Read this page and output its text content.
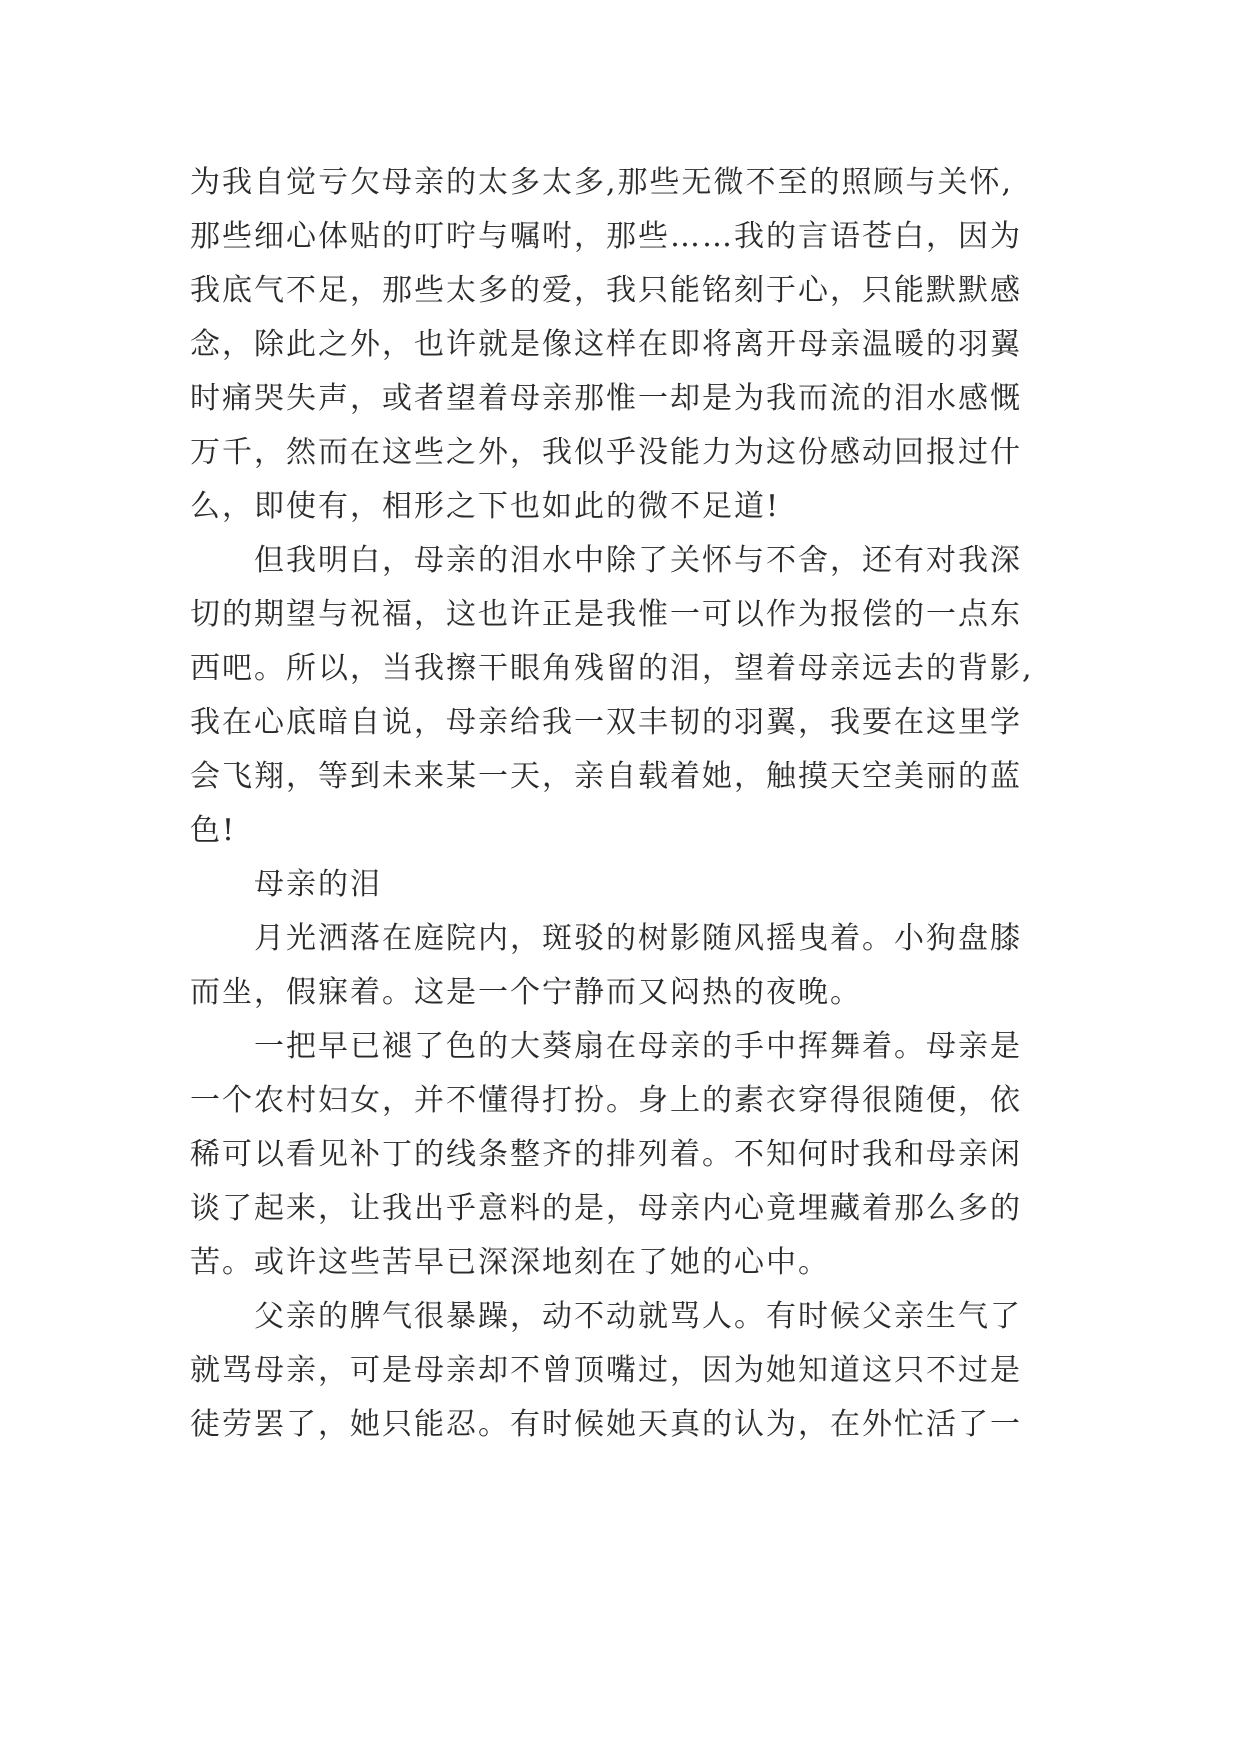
为我自觉亏欠母亲的太多太多,那些无微不至的照顾与关怀,
那些细心体贴的叮咛与嘱咐，那些……我的言语苍白，因为
我底气不足，那些太多的爱，我只能铭刻于心，只能默默感
念，除此之外，也许就是像这样在即将离开母亲温暖的羽翼
时痛哭失声，或者望着母亲那惟一却是为我而流的泪水感慨
万千，然而在这些之外，我似乎没能力为这份感动回报过什
么，即使有，相形之下也如此的微不足道!

但我明白，母亲的泪水中除了关怀与不舍，还有对我深
切的期望与祝福，这也许正是我惟一可以作为报偿的一点东
西吧。所以，当我擦干眼角残留的泪，望着母亲远去的背影,
我在心底暗自说，母亲给我一双丰韧的羽翼，我要在这里学
会飞翔，等到未来某一天，亲自载着她，触摸天空美丽的蓝
色!

母亲的泪

月光洒落在庭院内，斑驳的树影随风摇曳着。小狗盘膝
而坐，假寐着。这是一个宁静而又闷热的夜晚。

一把早已褪了色的大葵扇在母亲的手中挥舞着。母亲是
一个农村妇女，并不懂得打扮。身上的素衣穿得很随便，依
稀可以看见补丁的线条整齐的排列着。不知何时我和母亲闲
谈了起来，让我出乎意料的是，母亲内心竟埋藏着那么多的
苦。或许这些苦早已深深地刻在了她的心中。

父亲的脾气很暴躁，动不动就骂人。有时候父亲生气了
就骂母亲，可是母亲却不曾顶嘴过，因为她知道这只不过是
徒劳罢了，她只能忍。有时候她天真的认为，在外忙活了一
